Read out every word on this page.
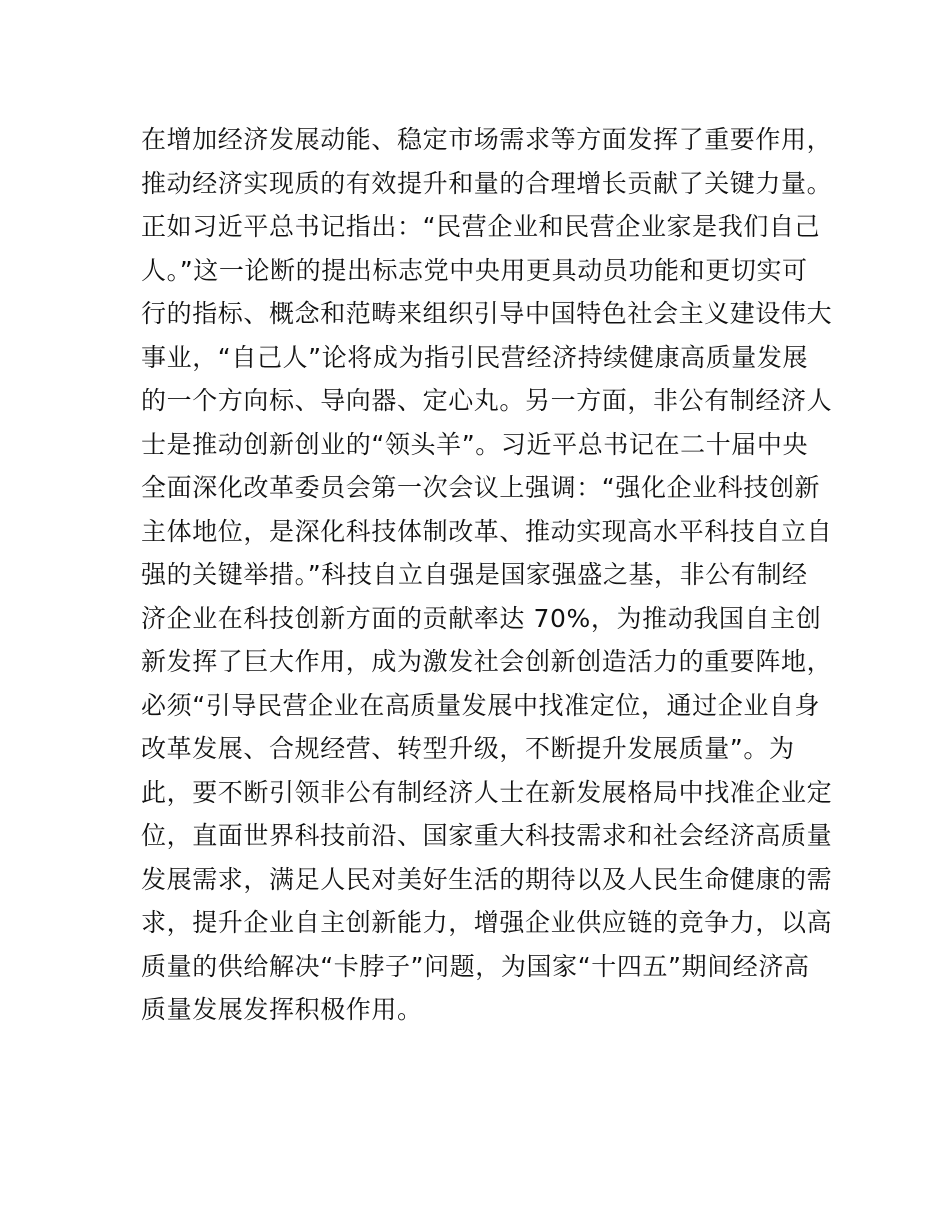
在增加经济发展动能、稳定市场需求等方面发挥了重要作用，
推动经济实现质的有效提升和量的合理增长贡献了关键力量。
正如习近平总书记指出：“民营企业和民营企业家是我们自己
人。”这一论断的提出标志党中央用更具动员功能和更切实可
行的指标、概念和范畴来组织引导中国特色社会主义建设伟大
事业，“自己人”论将成为指引民营经济持续健康高质量发展
的一个方向标、导向器、定心丸。另一方面，非公有制经济人
士是推动创新创业的“领头羊”。习近平总书记在二十届中央
全面深化改革委员会第一次会议上强调：“强化企业科技创新
主体地位，是深化科技体制改革、推动实现高水平科技自立自
强的关键举措。”科技自立自强是国家强盛之基，非公有制经
济企业在科技创新方面的贡献率达 70%，为推动我国自主创
新发挥了巨大作用，成为激发社会创新创造活力的重要阵地，
必须“引导民营企业在高质量发展中找准定位，通过企业自身
改革发展、合规经营、转型升级，不断提升发展质量”。为
此，要不断引领非公有制经济人士在新发展格局中找准企业定
位，直面世界科技前沿、国家重大科技需求和社会经济高质量
发展需求，满足人民对美好生活的期待以及人民生命健康的需
求，提升企业自主创新能力，增强企业供应链的竞争力，以高
质量的供给解决“卡脖子”问题，为国家“十四五”期间经济高
质量发展发挥积极作用。
